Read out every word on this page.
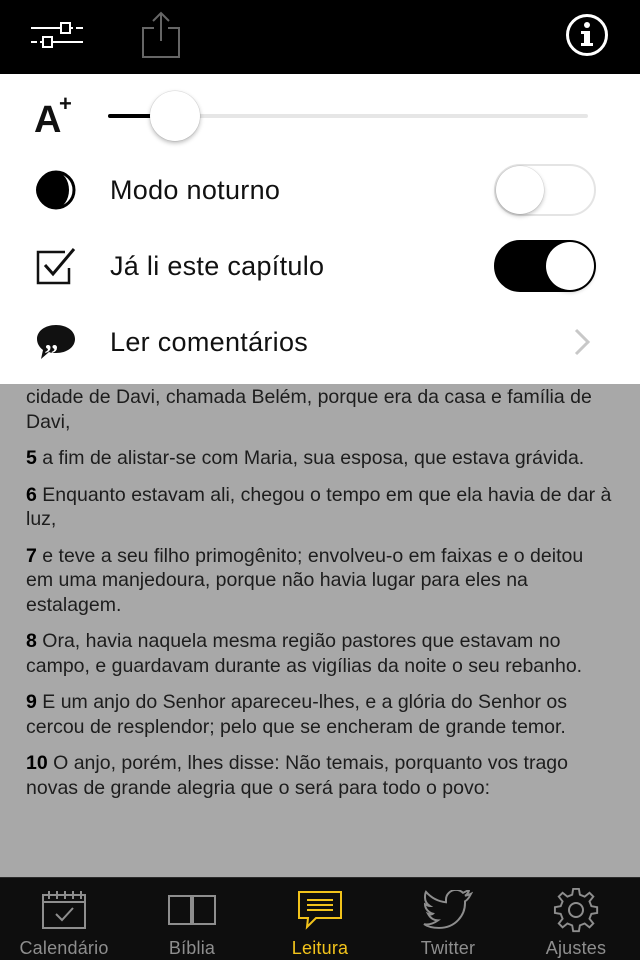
A
+
Modo noturno
Já li este capítulo
,, Ler comentários

cidade de Davi, chamada Belém, porque era da casa e família de Davi,

5 a fim de alistar-se com Maria, sua esposa, que estava grávida.

6 Enquanto estavam ali, chegou o tempo em que ela havia de dar à luz,

7 e teve a seu filho primogênito; envolveu-o em faixas e o deitou em uma manjedoura, porque não havia lugar para eles na estalagem.

8 Ora, havia naquela mesma região pastores que estavam no campo, e guardavam durante as vigílias da noite o seu rebanho.

9 E um anjo do Senhor apareceu-lhes, e a glória do Senhor os cercou de resplendor; pelo que se encheram de grande temor.

10 O anjo, porém, lhes disse: Não temais, porquanto vos trago novas de grande alegria que o será para todo o povo:

Calendário	Bíblia	Leitura	Twitter	Ajustes
